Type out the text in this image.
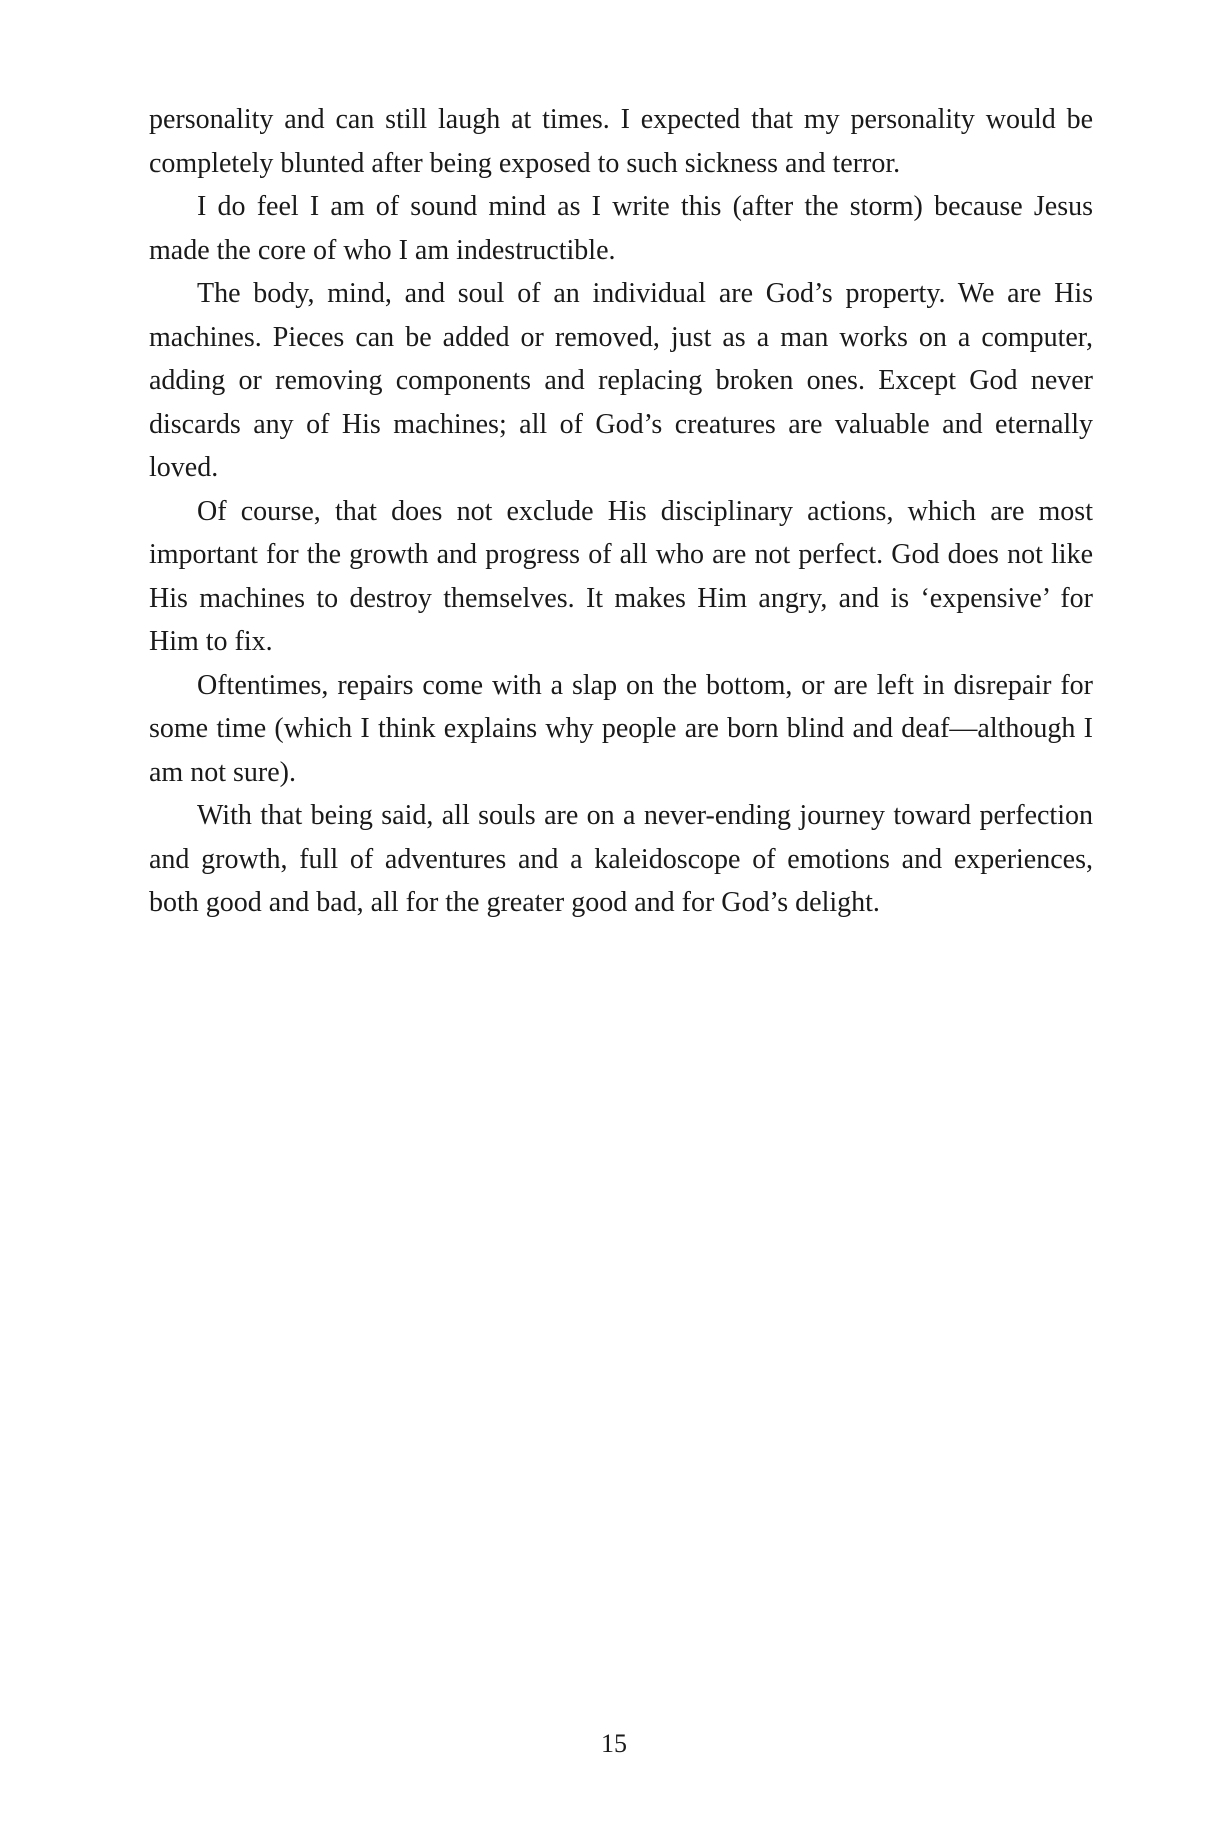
personality and can still laugh at times. I expected that my personality would be completely blunted after being exposed to such sickness and terror.

I do feel I am of sound mind as I write this (after the storm) because Jesus made the core of who I am indestructible.

The body, mind, and soul of an individual are God’s property. We are His machines. Pieces can be added or removed, just as a man works on a computer, adding or removing components and replacing broken ones. Except God never discards any of His machines; all of God’s creatures are valuable and eternally loved.

Of course, that does not exclude His disciplinary actions, which are most important for the growth and progress of all who are not perfect. God does not like His machines to destroy themselves. It makes Him angry, and is ‘expensive’ for Him to fix.

Oftentimes, repairs come with a slap on the bottom, or are left in disrepair for some time (which I think explains why people are born blind and deaf—although I am not sure).

With that being said, all souls are on a never-ending journey toward perfection and growth, full of adventures and a kaleidoscope of emotions and experiences, both good and bad, all for the greater good and for God’s delight.

15
